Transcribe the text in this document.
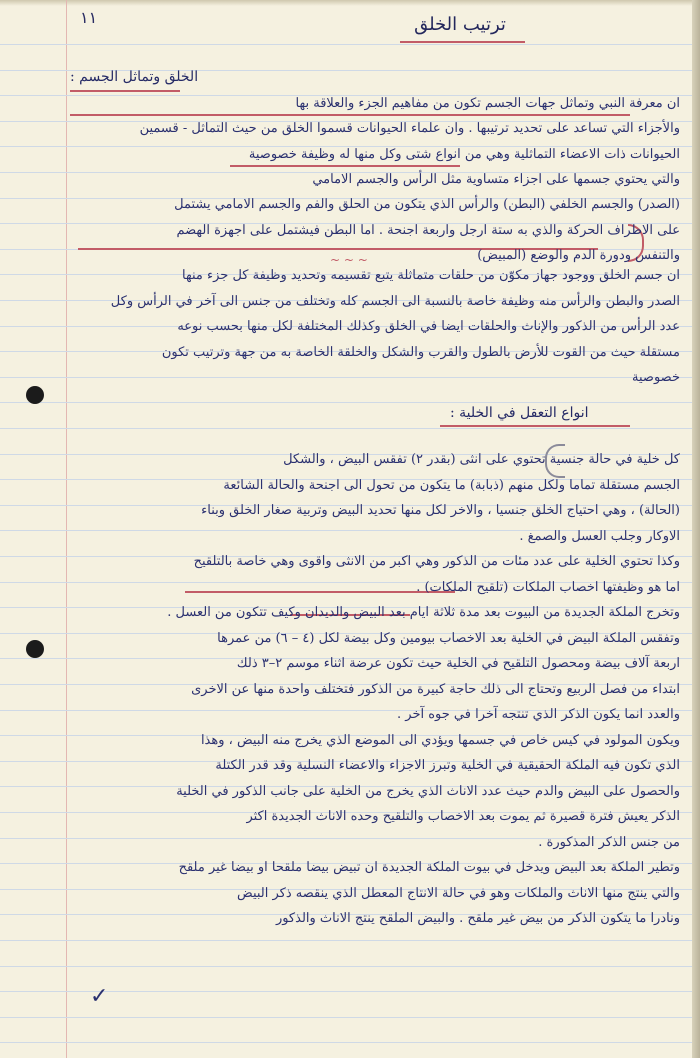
١١	ترتيب الخلق
الخلق وتماثل الجسم :
~ ~ ~
ان معرفة النبي وتماثل جهات الجسم تكون من مفاهيم الجزء والعلاقة بها
والأجزاء التي تساعد على تحديد ترتيبها . وان علماء الحيوانات قسموا الخلق من حيث التماثل - قسمين
الحيوانات ذات الاعضاء التماثلية وهي من انواع شتى وكل منها له وظيفة خصوصية
والتي يحتوي جسمها على اجزاء متساوية مثل الرأس والجسم الامامي
(الصدر) والجسم الخلفي (البطن) والرأس الذي يتكون من الحلق والفم والجسم الامامي يشتمل
على الاطراف الحركة والذي به ستة ارجل واربعة اجنحة . اما البطن فيشتمل على اجهزة الهضم
والتنفس ودورة الدم والوضع (المبيض)
ان جسم الخلق ووجود جهاز مكوّن من حلقات متماثلة يتبع تقسيمه وتحديد وظيفة كل جزء منها
الصدر والبطن والرأس منه وظيفة خاصة بالنسبة الى الجسم كله وتختلف من جنس الى آخر في الرأس وكل
عدد الرأس من الذكور والإناث والحلقات ايضا في الخلق وكذلك المختلفة لكل منها بحسب نوعه
مستقلة حيث من القوت للأرض بالطول والقرب والشكل والخلقة الخاصة به من جهة وترتيب تكون
خصوصية
انواع التعقل في الخلية :
كل خلية في حالة جنسية تحتوي على انثى (بقدر ٢) تفقس البيض ، والشكل
الجسم مستقلة تماما ولكل منهم (ذبابة) ما يتكون من تحول الى اجنحة والحالة الشائعة
(الحالة) ، وهي احتياج الخلق جنسيا ، والاخر لكل منها تحديد البيض وتربية صغار الخلق وبناء
الاوكار وجلب العسل والصمغ .
وكذا تحتوي الخلية على عدد مئات من الذكور وهي اكبر من الانثى واقوى وهي خاصة بالتلقيح
اما هو وظيفتها اخصاب الملكات (تلقيح الملكات) .
وتخرج الملكة الجديدة من البيوت بعد مدة ثلاثة ايام بعد البيض والديدان وكيف تتكون من العسل .
وتفقس الملكة البيض في الخلية بعد الاخصاب بيومين وكل بيضة لكل (٤ – ٦) من عمرها
اربعة آلاف بيضة ومحصول التلقيح في الخلية حيث تكون عرضة اثناء موسم ٢–٣ ذلك
ابتداء من فصل الربيع وتحتاج الى ذلك حاجة كبيرة من الذكور فتختلف واحدة منها عن الاخرى
والعدد انما يكون الذكر الذي تنتجه آخرا في جوه آخر .
ويكون المولود في كيس خاص في جسمها ويؤدي الى الموضع الذي يخرج منه البيض ، وهذا
الذي تكون فيه الملكة الحقيقية في الخلية وتبرز الاجزاء والاعضاء النسلية وقد قدر الكتلة
والحصول على البيض والدم حيث عدد الاناث الذي يخرج من الخلية على جانب الذكور في الخلية
الذكر يعيش فترة قصيرة ثم يموت بعد الاخصاب والتلقيح وحده الاناث الجديدة اكثر
من جنس الذكر المذكورة .
وتطير الملكة بعد البيض ويدخل في بيوت الملكة الجديدة ان تبيض بيضا ملقحا او بيضا غير ملقح
والتي ينتج منها الاناث والملكات وهو في حالة الانتاج المعطل الذي ينقصه ذكر البيض
ونادرا ما يتكون الذكر من بيض غير ملقح . والبيض الملقح ينتج الاناث والذكور
✓
